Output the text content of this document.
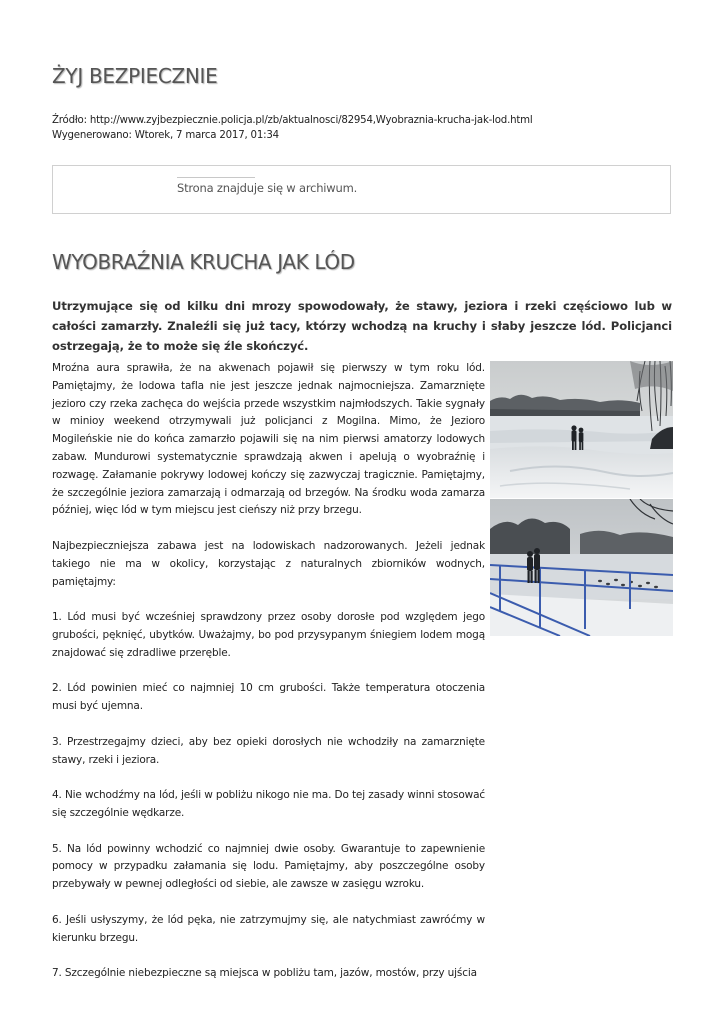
ŻYJ BEZPIECZNIE
Źródło: http://www.zyjbezpiecznie.policja.pl/zb/aktualnosci/82954,Wyobraznia-krucha-jak-lod.html
Wygenerowano: Wtorek, 7 marca 2017, 01:34
Strona znajduje się w archiwum.
WYOBRAŹNIA KRUCHA JAK LÓD
Utrzymujące się od kilku dni mrozy spowodowały, że stawy, jeziora i rzeki częściowo lub w całości zamarzły. Znaleźli się już tacy, którzy wchodzą na kruchy i słaby jeszcze lód. Policjanci ostrzegają, że to może się źle skończyć.

Mroźna aura sprawiła, że na akwenach pojawił się pierwszy w tym roku lód. Pamiętajmy, że lodowa tafla nie jest jeszcze jednak najmocniejsza. Zamarznięte jezioro czy rzeka zachęca do wejścia przede wszystkim najmłodszych. Takie sygnały w minioy weekend otrzymywali już policjanci z Mogilna. Mimo, że Jezioro Mogileńskie nie do końca zamarzło pojawili się na nim pierwsi amatorzy lodowych zabaw. Mundurowi systematycznie sprawdzają akwen i apelują o wyobraźnię i rozwagę. Załamanie pokrywy lodowej kończy się zazwyczaj tragicznie. Pamiętajmy, że szczególnie jeziora zamarzają i odmarzają od brzegów. Na środku woda zamarza później, więc lód w tym miejscu jest cieńszy niż przy brzegu.

Najbezpieczniejsza zabawa jest na lodowiskach nadzorowanych. Jeżeli jednak takiego nie ma w okolicy, korzystając z naturalnych zbiorników wodnych, pamiętajmy:

1. Lód musi być wcześniej sprawdzony przez osoby dorosłe pod względem jego grubości, pęknięć, ubytków. Uważajmy, bo pod przysypanym śniegiem lodem mogą znajdować się zdradliwe przeręble.

2. Lód powinien mieć co najmniej 10 cm grubości. Także temperatura otoczenia musi być ujemna.

3. Przestrzegajmy dzieci, aby bez opieki dorosłych nie wchodziły na zamarznięte stawy, rzeki i jeziora.

4. Nie wchodźmy na lód, jeśli w pobliżu nikogo nie ma. Do tej zasady winni stosować się szczególnie wędkarze.

5. Na lód powinny wchodzić co najmniej dwie osoby. Gwarantuje to zapewnienie pomocy w przypadku załamania się lodu. Pamiętajmy, aby poszczególne osoby przebywały w pewnej odległości od siebie, ale zawsze w zasięgu wzroku.

6. Jeśli usłyszymy, że lód pęka, nie zatrzymujmy się, ale natychmiast zawróćmy w kierunku brzegu.

7. Szczególnie niebezpieczne są miejsca w pobliżu tam, jazów, mostów, przy ujścia
